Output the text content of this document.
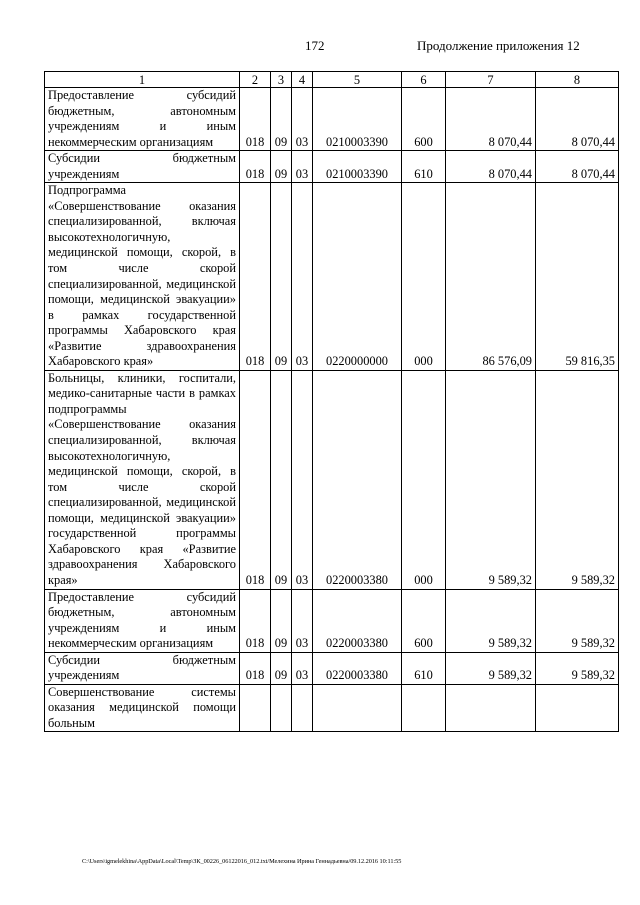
172	Продолжение приложения 12
1	2	3	4	5	6	7	8
Предоставление субсидий бюджетным, автономным учреждениям и иным некоммерческим организациям	018	09	03	0210003390	600	8 070,44	8 070,44
Субсидии бюджетным учреждениям	018	09	03	0210003390	610	8 070,44	8 070,44
Подпрограмма «Совершенствование оказания специализированной, включая высокотехнологичную, медицинской помощи, скорой, в том числе скорой специализированной, медицинской помощи, медицинской эвакуации» в рамках государственной программы Хабаровского края «Развитие здравоохранения Хабаровского края»	018	09	03	0220000000	000	86 576,09	59 816,35
Больницы, клиники, госпитали, медико-санитарные части в рамках подпрограммы «Совершенствование оказания специализированной, включая высокотехнологичную, медицинской помощи, скорой, в том числе скорой специализированной, медицинской помощи, медицинской эвакуации» государственной программы Хабаровского края «Развитие здравоохранения Хабаровского края»	018	09	03	0220003380	000	9 589,32	9 589,32
Предоставление субсидий бюджетным, автономным учреждениям и иным некоммерческим организациям	018	09	03	0220003380	600	9 589,32	9 589,32
Субсидии бюджетным учреждениям	018	09	03	0220003380	610	9 589,32	9 589,32
Совершенствование системы оказания медицинской помощи больным							
C:\Users\igmelekhina\AppData\Local\Temp\ЗК_00226_06122016_012.txt/Мелехина Ирина Геннадьевна/09.12.2016 10:11:55
